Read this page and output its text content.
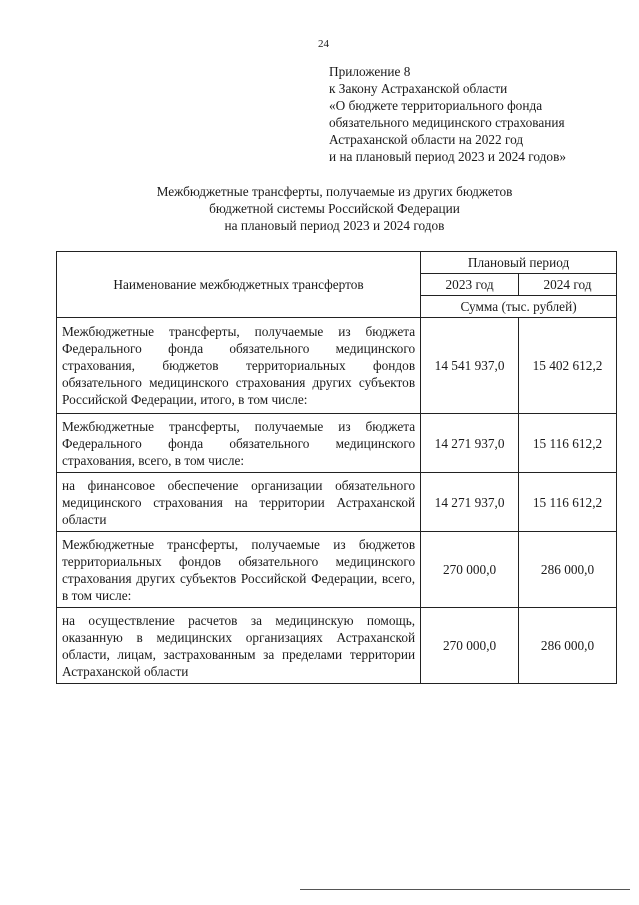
24
Приложение 8
к Закону Астраханской области
«О бюджете территориального фонда
обязательного медицинского страхования
Астраханской области на 2022 год
и на плановый период 2023 и 2024 годов»
Межбюджетные трансферты, получаемые из других бюджетов
бюджетной системы Российской Федерации
на плановый период 2023 и 2024 годов
Наименование межбюджетных трансфертов	Плановый период	
	2023 год	2024 год
	Сумма (тыс. рублей)	
Межбюджетные трансферты, получаемые из бюджета Федерального фонда обязательного медицинского страхования, бюджетов территориальных фондов обязательного медицинского страхования других субъектов Российской Федерации, итого, в том числе:	14 541 937,0	15 402 612,2
Межбюджетные трансферты, получаемые из бюджета Федерального фонда обязательного медицинского страхования, всего, в том числе:	14 271 937,0	15 116 612,2
на финансовое обеспечение организации обязательного медицинского страхования на территории Астраханской области	14 271 937,0	15 116 612,2
Межбюджетные трансферты, получаемые из бюджетов территориальных фондов обязательного медицинского страхования других субъектов Российской Федерации, всего, в том числе:	270 000,0	286 000,0
на осуществление расчетов за медицинскую помощь, оказанную в медицинских организациях Астраханской области, лицам, застрахованным за пределами территории Астраханской области	270 000,0	286 000,0
